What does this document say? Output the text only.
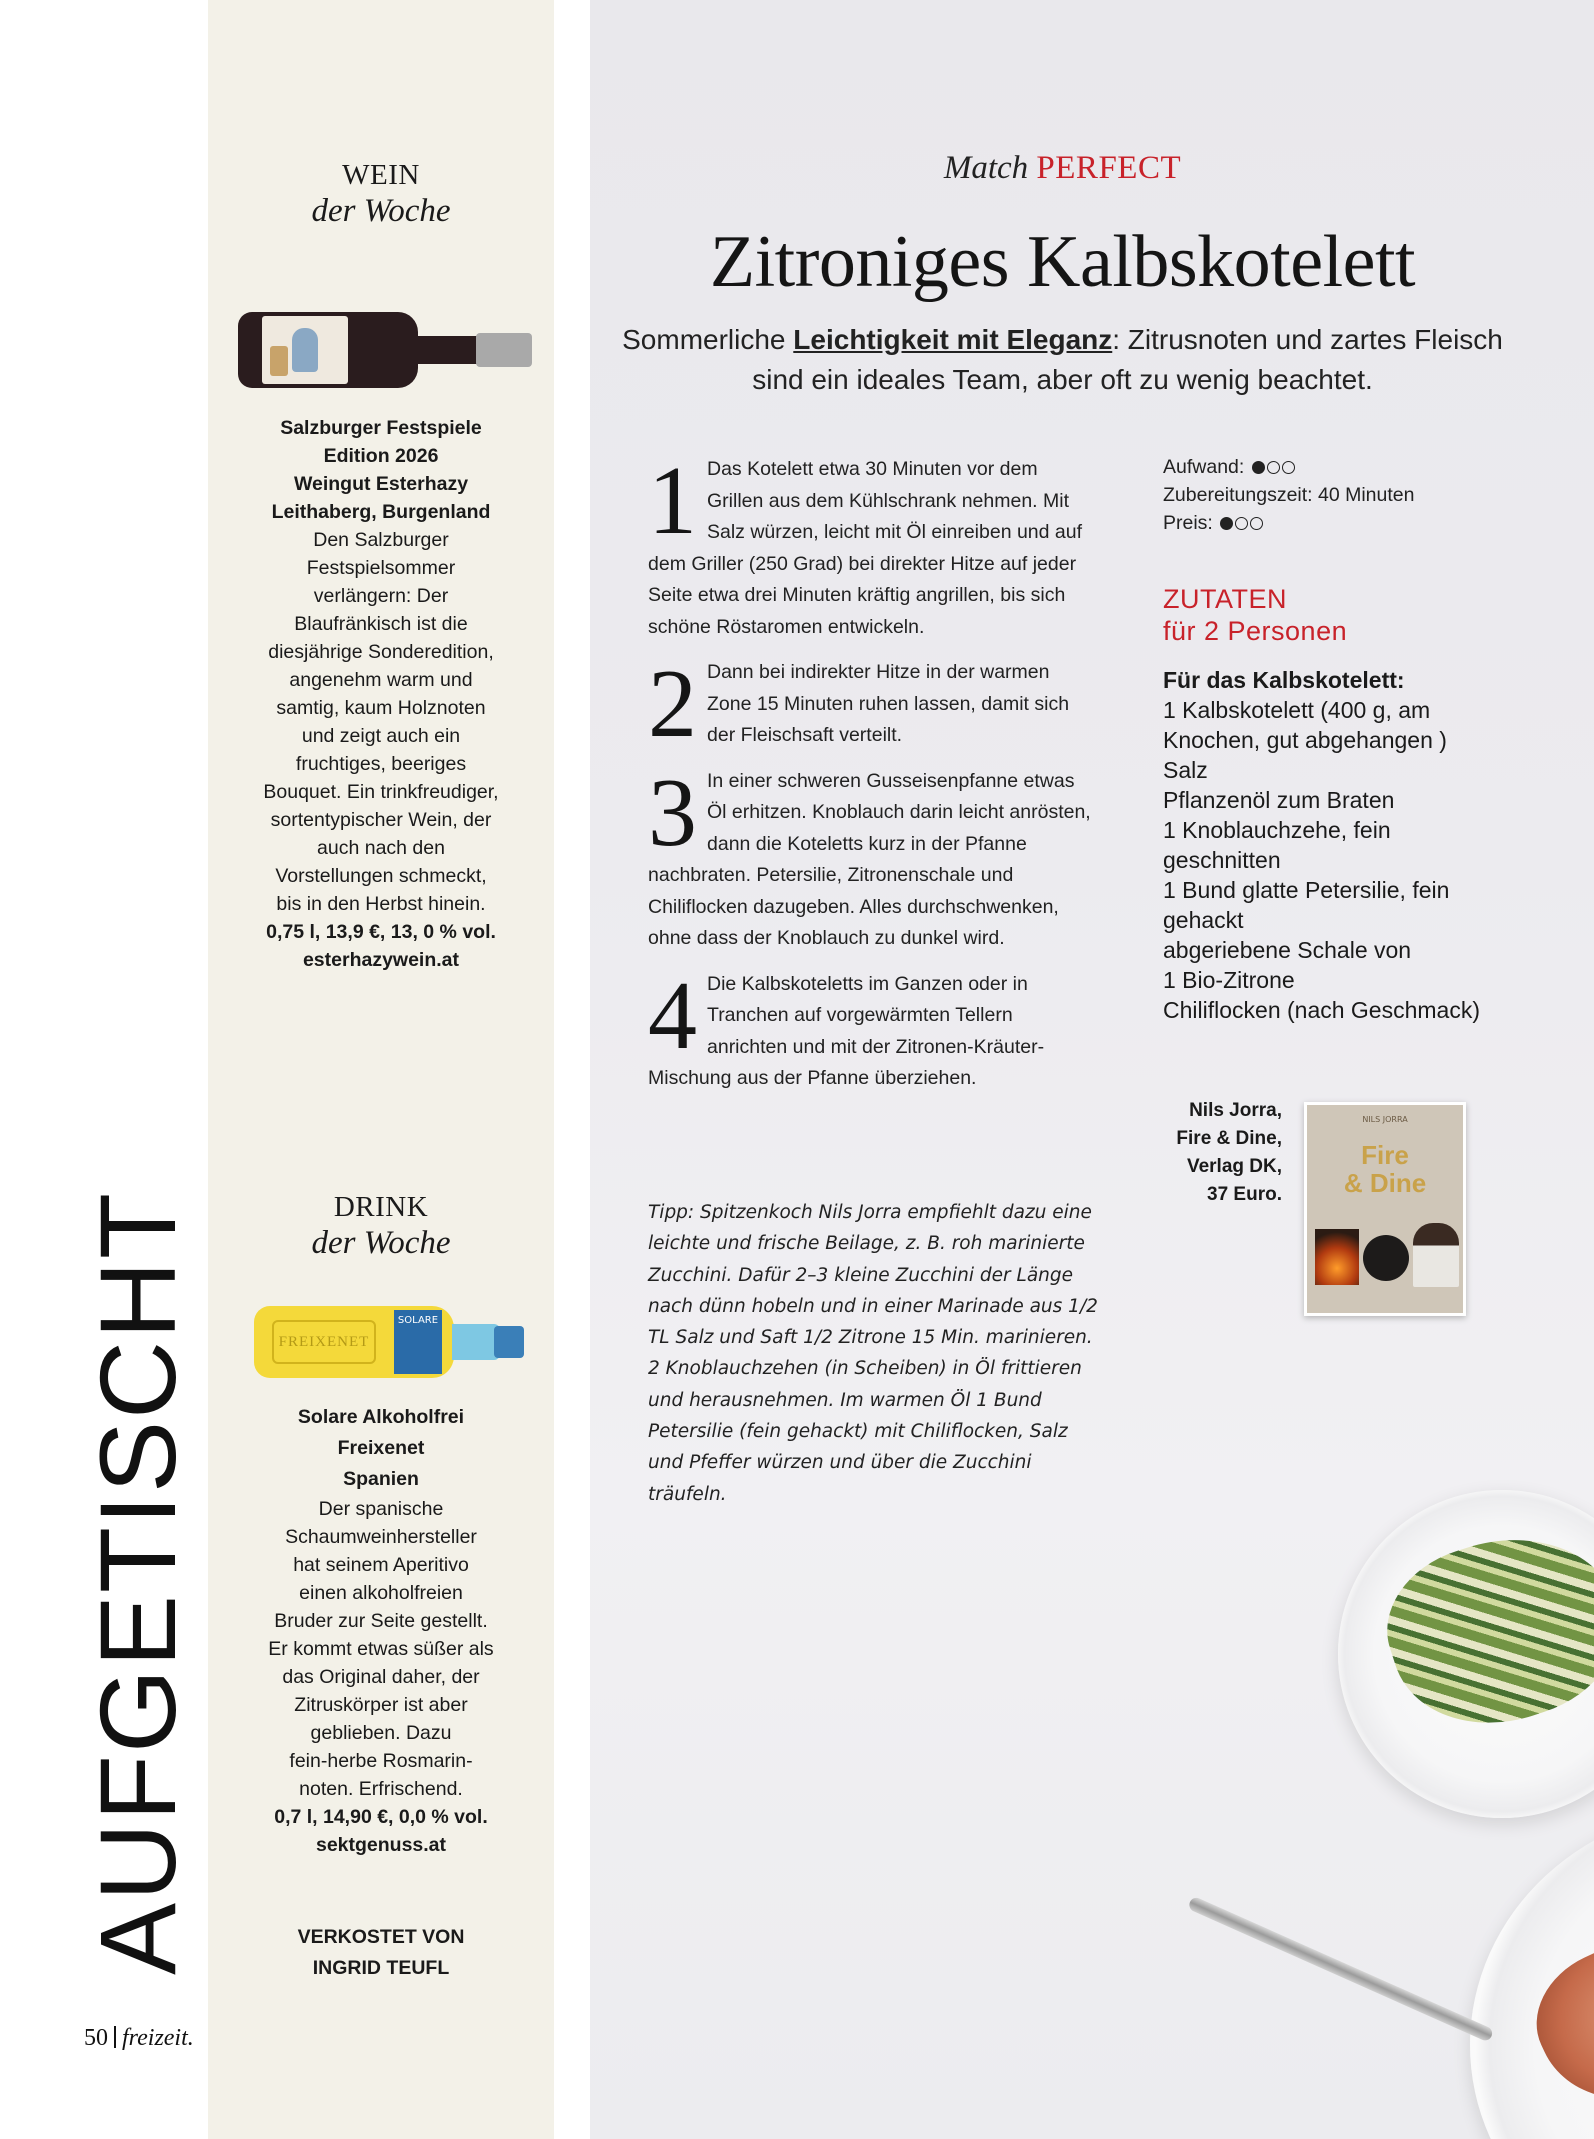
AUFGETISCHT
50 freizeit.
WEIN
der Woche
Salzburger Festspiele
Edition 2026
Weingut Esterhazy
Leithaberg, Burgenland
Den Salzburger
Festspielsommer
verlängern: Der
Blaufränkisch ist die
diesjährige Sonderedition,
angenehm warm und
samtig, kaum Holznoten
und zeigt auch ein
fruchtiges, beeriges
Bouquet. Ein trinkfreudiger,
sortentypischer Wein, der
auch nach den
Vorstellungen schmeckt,
bis in den Herbst hinein.
0,75 l, 13,9 €, 13, 0 % vol.
esterhazywein.at
DRINK
der Woche
FREIXENET
SOLARE
Solare Alkoholfrei
Freixenet
Spanien
Der spanische
Schaumweinhersteller
hat seinem Aperitivo
einen alkoholfreien
Bruder zur Seite gestellt.
Er kommt etwas süßer als
das Original daher, der
Zitruskörper ist aber
geblieben. Dazu
fein-herbe Rosmarin-
noten. Erfrischend.
0,7 l, 14,90 €, 0,0 % vol.
sektgenuss.at
VERKOSTET VON
INGRID TEUFL
Match PERFECT
Zitroniges Kalbskotelett
Sommerliche Leichtigkeit mit Eleganz: Zitrusnoten und zartes Fleisch sind ein ideales Team, aber oft zu wenig beachtet.
1 Das Kotelett etwa 30 Minuten vor dem Grillen aus dem Kühlschrank nehmen. Mit Salz würzen, leicht mit Öl einreiben und auf dem Griller (250 Grad) bei direkter Hitze auf jeder Seite etwa drei Minuten kräftig angrillen, bis sich schöne Röstaromen entwickeln.
2 Dann bei indirekter Hitze in der warmen Zone 15 Minuten ruhen lassen, damit sich der Fleischsaft verteilt.
3 In einer schweren Gusseisenpfanne etwas Öl erhitzen. Knoblauch darin leicht anrösten, dann die Koteletts kurz in der Pfanne nachbraten. Petersilie, Zitronenschale und Chiliflocken dazugeben. Alles durchschwenken, ohne dass der Knoblauch zu dunkel wird.
4 Die Kalbskoteletts im Ganzen oder in Tranchen auf vorgewärmten Tellern anrichten und mit der Zitronen-Kräuter-Mischung aus der Pfanne überziehen.
Tipp: Spitzenkoch Nils Jorra empfiehlt dazu eine leichte und frische Beilage, z. B. roh marinierte Zucchini. Dafür 2–3 kleine Zucchini der Länge nach dünn hobeln und in einer Marinade aus 1/2 TL Salz und Saft 1/2 Zitrone 15 Min. marinieren. 2 Knoblauchzehen (in Scheiben) in Öl frittieren und herausnehmen. Im warmen Öl 1 Bund Petersilie (fein gehackt) mit Chiliflocken, Salz und Pfeffer würzen und über die Zucchini träufeln.
Aufwand:
Zubereitungszeit: 40 Minuten
Preis:
ZUTATEN
für 2 Personen
Für das Kalbskotelett:
1 Kalbskotelett (400 g, am Knochen, gut abgehangen )
Salz
Pflanzenöl zum Braten
1 Knoblauchzehe, fein geschnitten
1 Bund glatte Petersilie, fein gehackt
abgeriebene Schale von
1 Bio-Zitrone
Chiliflocken (nach Geschmack)
Nils Jorra,
Fire & Dine,
Verlag DK,
37 Euro.
NILS JORRA
Fire
& Dine
